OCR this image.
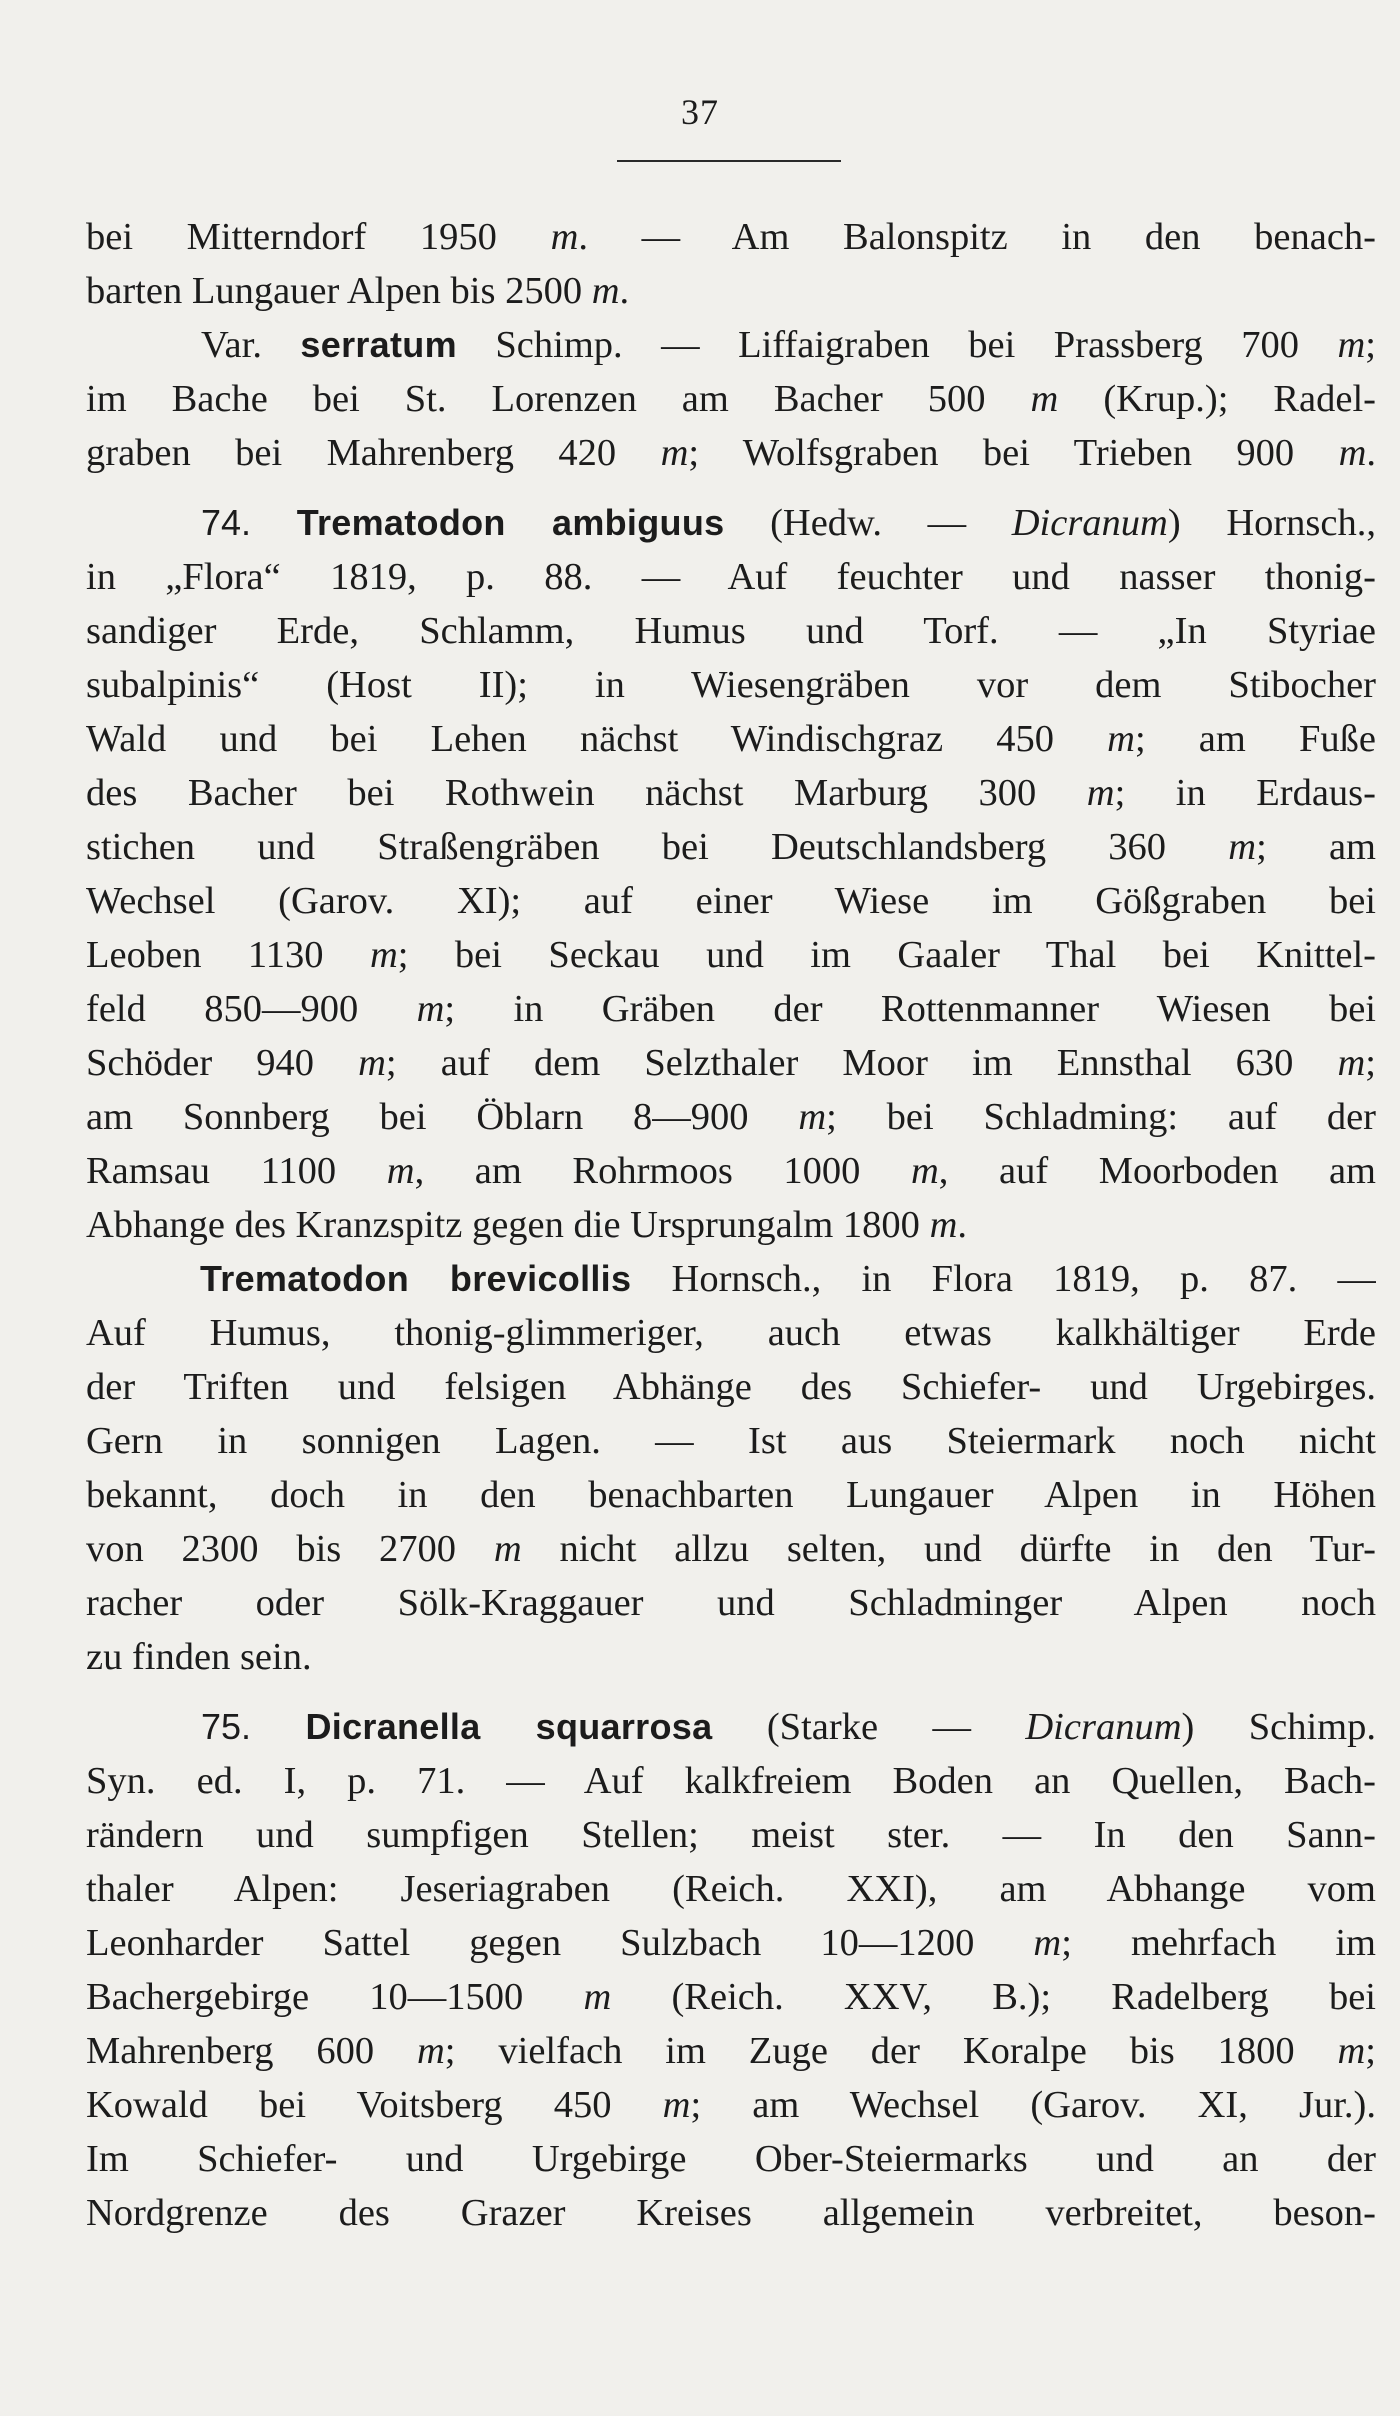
37
bei Mitterndorf 1950 m. — Am Balonspitz in den benach-
barten Lungauer Alpen bis 2500 m.
Var. serratum Schimp. — Liffaigraben bei Prassberg 700 m;
im Bache bei St. Lorenzen am Bacher 500 m (Krup.); Radel-
graben bei Mahrenberg 420 m; Wolfsgraben bei Trieben 900 m.
74. Trematodon ambiguus (Hedw. — Dicranum) Hornsch.,
in „Flora“ 1819, p. 88. — Auf feuchter und nasser thonig-
sandiger Erde, Schlamm, Humus und Torf. — „In Styriae
subalpinis“ (Host II); in Wiesengräben vor dem Stibocher
Wald und bei Lehen nächst Windischgraz 450 m; am Fuße
des Bacher bei Rothwein nächst Marburg 300 m; in Erdaus-
stichen und Straßengräben bei Deutschlandsberg 360 m; am
Wechsel (Garov. XI); auf einer Wiese im Gößgraben bei
Leoben 1130 m; bei Seckau und im Gaaler Thal bei Knittel-
feld 850—900 m; in Gräben der Rottenmanner Wiesen bei
Schöder 940 m; auf dem Selzthaler Moor im Ennsthal 630 m;
am Sonnberg bei Öblarn 8—900 m; bei Schladming: auf der
Ramsau 1100 m, am Rohrmoos 1000 m, auf Moorboden am
Abhange des Kranzspitz gegen die Ursprungalm 1800 m.
Trematodon brevicollis Hornsch., in Flora 1819, p. 87. —
Auf Humus, thonig-glimmeriger, auch etwas kalkhältiger Erde
der Triften und felsigen Abhänge des Schiefer- und Urgebirges.
Gern in sonnigen Lagen. — Ist aus Steiermark noch nicht
bekannt, doch in den benachbarten Lungauer Alpen in Höhen
von 2300 bis 2700 m nicht allzu selten, und dürfte in den Tur-
racher oder Sölk-Kraggauer und Schladminger Alpen noch
zu finden sein.
75. Dicranella squarrosa (Starke — Dicranum) Schimp.
Syn. ed. I, p. 71. — Auf kalkfreiem Boden an Quellen, Bach-
rändern und sumpfigen Stellen; meist ster. — In den Sann-
thaler Alpen: Jeseriagraben (Reich. XXI), am Abhange vom
Leonharder Sattel gegen Sulzbach 10—1200 m; mehrfach im
Bachergebirge 10—1500 m (Reich. XXV, B.); Radelberg bei
Mahrenberg 600 m; vielfach im Zuge der Koralpe bis 1800 m;
Kowald bei Voitsberg 450 m; am Wechsel (Garov. XI, Jur.).
Im Schiefer- und Urgebirge Ober-Steiermarks und an der
Nordgrenze des Grazer Kreises allgemein verbreitet, beson-
